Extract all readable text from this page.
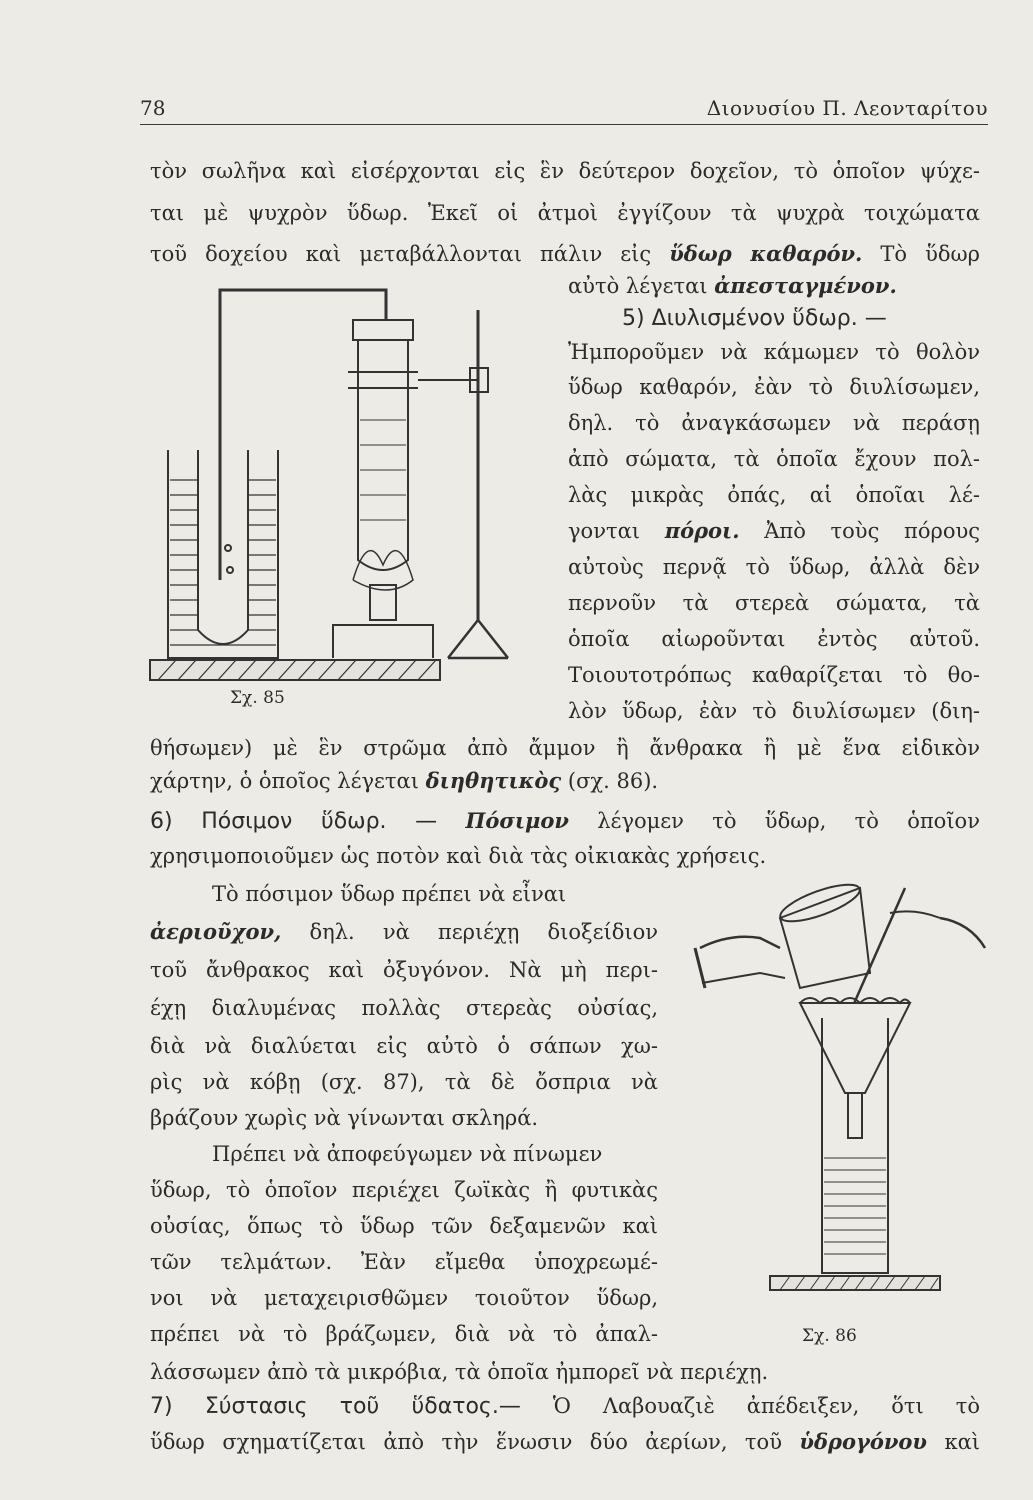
78	Διονυσίου Π. Λεονταρίτου
τὸν σωλῆνα καὶ εἰσέρχονται εἰς ἓν δεύτερον δοχεῖον, τὸ ὁποῖον ψύχε-
ται μὲ ψυχρὸν ὕδωρ. Ἐκεῖ οἱ ἀτμοὶ ἐγγίζουν τὰ ψυχρὰ τοιχώματα
τοῦ δοχείου καὶ μεταβάλλονται πάλιν εἰς ὕδωρ καθαρόν. Τὸ ὕδωρ
αὐτὸ λέγεται ἀπεσταγμένον.
5) Διυλισμένον ὕδωρ. —
Ἠμποροῦμεν νὰ κάμωμεν τὸ θολὸν
ὕδωρ καθαρόν, ἐὰν τὸ διυλίσωμεν,
δηλ. τὸ ἀναγκάσωμεν νὰ περάσῃ
ἀπὸ σώματα, τὰ ὁποῖα ἔχουν πολ-
λὰς μικρὰς ὀπάς, αἱ ὁποῖαι λέ-
γονται πόροι. Ἀπὸ τοὺς πόρους
αὐτοὺς περνᾷ τὸ ὕδωρ, ἀλλὰ δὲν
περνοῦν τὰ στερεὰ σώματα, τὰ
ὁποῖα αἰωροῦνται ἐντὸς αὐτοῦ.
Τοιουτοτρόπως καθαρίζεται τὸ θο-
λὸν ὕδωρ, ἐὰν τὸ διυλίσωμεν (διη-
Σχ. 85
θήσωμεν) μὲ ἓν στρῶμα ἀπὸ ἄμμον ἢ ἄνθρακα ἢ μὲ ἕνα εἰδικὸν
χάρτην, ὁ ὁποῖος λέγεται διηθητικὸς (σχ. 86).
6) Πόσιμον ὕδωρ. — Πόσιμον λέγομεν τὸ ὕδωρ, τὸ ὁποῖον
χρησιμοποιοῦμεν ὡς ποτὸν καὶ διὰ τὰς οἰκιακὰς χρήσεις.
Τὸ πόσιμον ὕδωρ πρέπει νὰ εἶναι
ἀεριοῦχον, δηλ. νὰ περιέχῃ διοξείδιον
τοῦ ἄνθρακος καὶ ὀξυγόνον. Νὰ μὴ περι-
έχῃ διαλυμένας πολλὰς στερεὰς οὐσίας,
διὰ νὰ διαλύεται εἰς αὐτὸ ὁ σάπων χω-
ρὶς νὰ κόβῃ (σχ. 87), τὰ δὲ ὄσπρια νὰ
βράζουν χωρὶς νὰ γίνωνται σκληρά.
Πρέπει νὰ ἀποφεύγωμεν νὰ πίνωμεν
ὕδωρ, τὸ ὁποῖον περιέχει ζωϊκὰς ἢ φυτικὰς
οὐσίας, ὅπως τὸ ὕδωρ τῶν δεξαμενῶν καὶ
τῶν τελμάτων. Ἐὰν εἴμεθα ὑποχρεωμέ-
νοι νὰ μεταχειρισθῶμεν τοιοῦτον ὕδωρ,
πρέπει νὰ τὸ βράζωμεν, διὰ νὰ τὸ ἀπαλ-	Σχ. 86
λάσσωμεν ἀπὸ τὰ μικρόβια, τὰ ὁποῖα ἠμπορεῖ νὰ περιέχῃ.
7) Σύστασις τοῦ ὕδατος.— Ὁ Λαβουαζιὲ ἀπέδειξεν, ὅτι τὸ
ὕδωρ σχηματίζεται ἀπὸ τὴν ἕνωσιν δύο ἀερίων, τοῦ ὑδρογόνου καὶ
